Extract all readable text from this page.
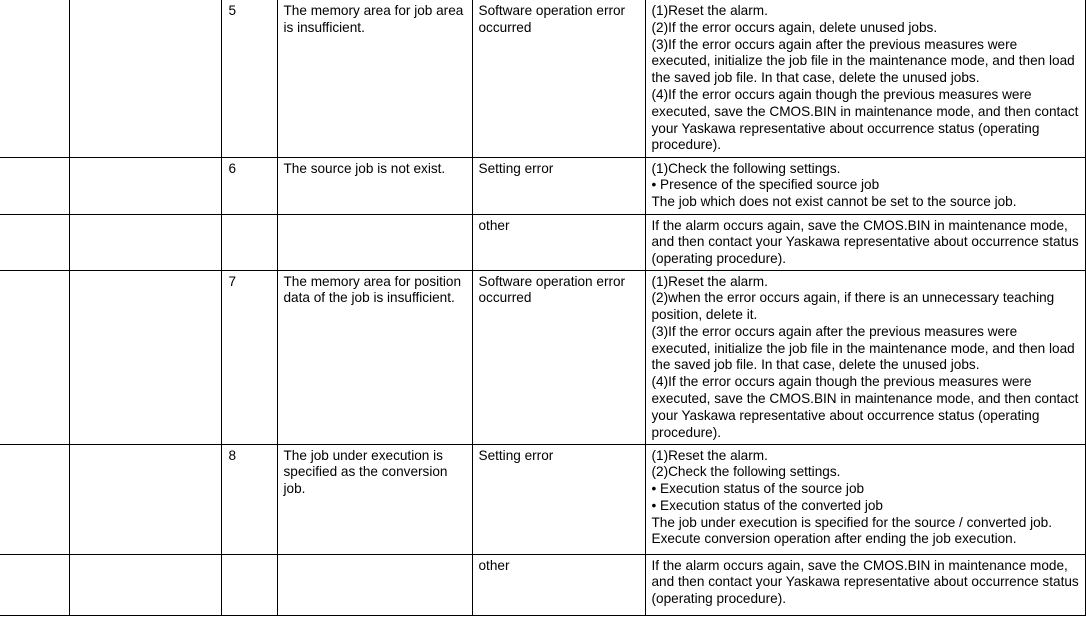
		5	The memory area for job area is insufficient.	Software operation error occurred	(1)Reset the alarm.
(2)If the error occurs again, delete unused jobs.
(3)If the error occurs again after the previous measures were executed, initialize the job file in the maintenance mode, and then load the saved job file. In that case, delete the unused jobs.
(4)If the error occurs again though the previous measures were executed, save the CMOS.BIN in maintenance mode, and then contact your Yaskawa representative about occurrence status (operating procedure).

		6	The source job is not exist.	Setting error	(1)Check the following settings.
• Presence of the specified source job
The job which does not exist cannot be set to the source job.

				other	If the alarm occurs again, save the CMOS.BIN in maintenance mode, and then contact your Yaskawa representative about occurrence status (operating procedure).

		7	The memory area for position data of the job is insufficient.	Software operation error occurred	(1)Reset the alarm.
(2)when the error occurs again, if there is an unnecessary teaching position, delete it.
(3)If the error occurs again after the previous measures were executed, initialize the job file in the maintenance mode, and then load the saved job file. In that case, delete the unused jobs.
(4)If the error occurs again though the previous measures were executed, save the CMOS.BIN in maintenance mode, and then contact your Yaskawa representative about occurrence status (operating procedure).

		8	The job under execution is specified as the conversion job.	Setting error	(1)Reset the alarm.
(2)Check the following settings.
• Execution status of the source job
• Execution status of the converted job
The job under execution is specified for the source / converted job. Execute conversion operation after ending the job execution.

				other	If the alarm occurs again, save the CMOS.BIN in maintenance mode, and then contact your Yaskawa representative about occurrence status (operating procedure).
